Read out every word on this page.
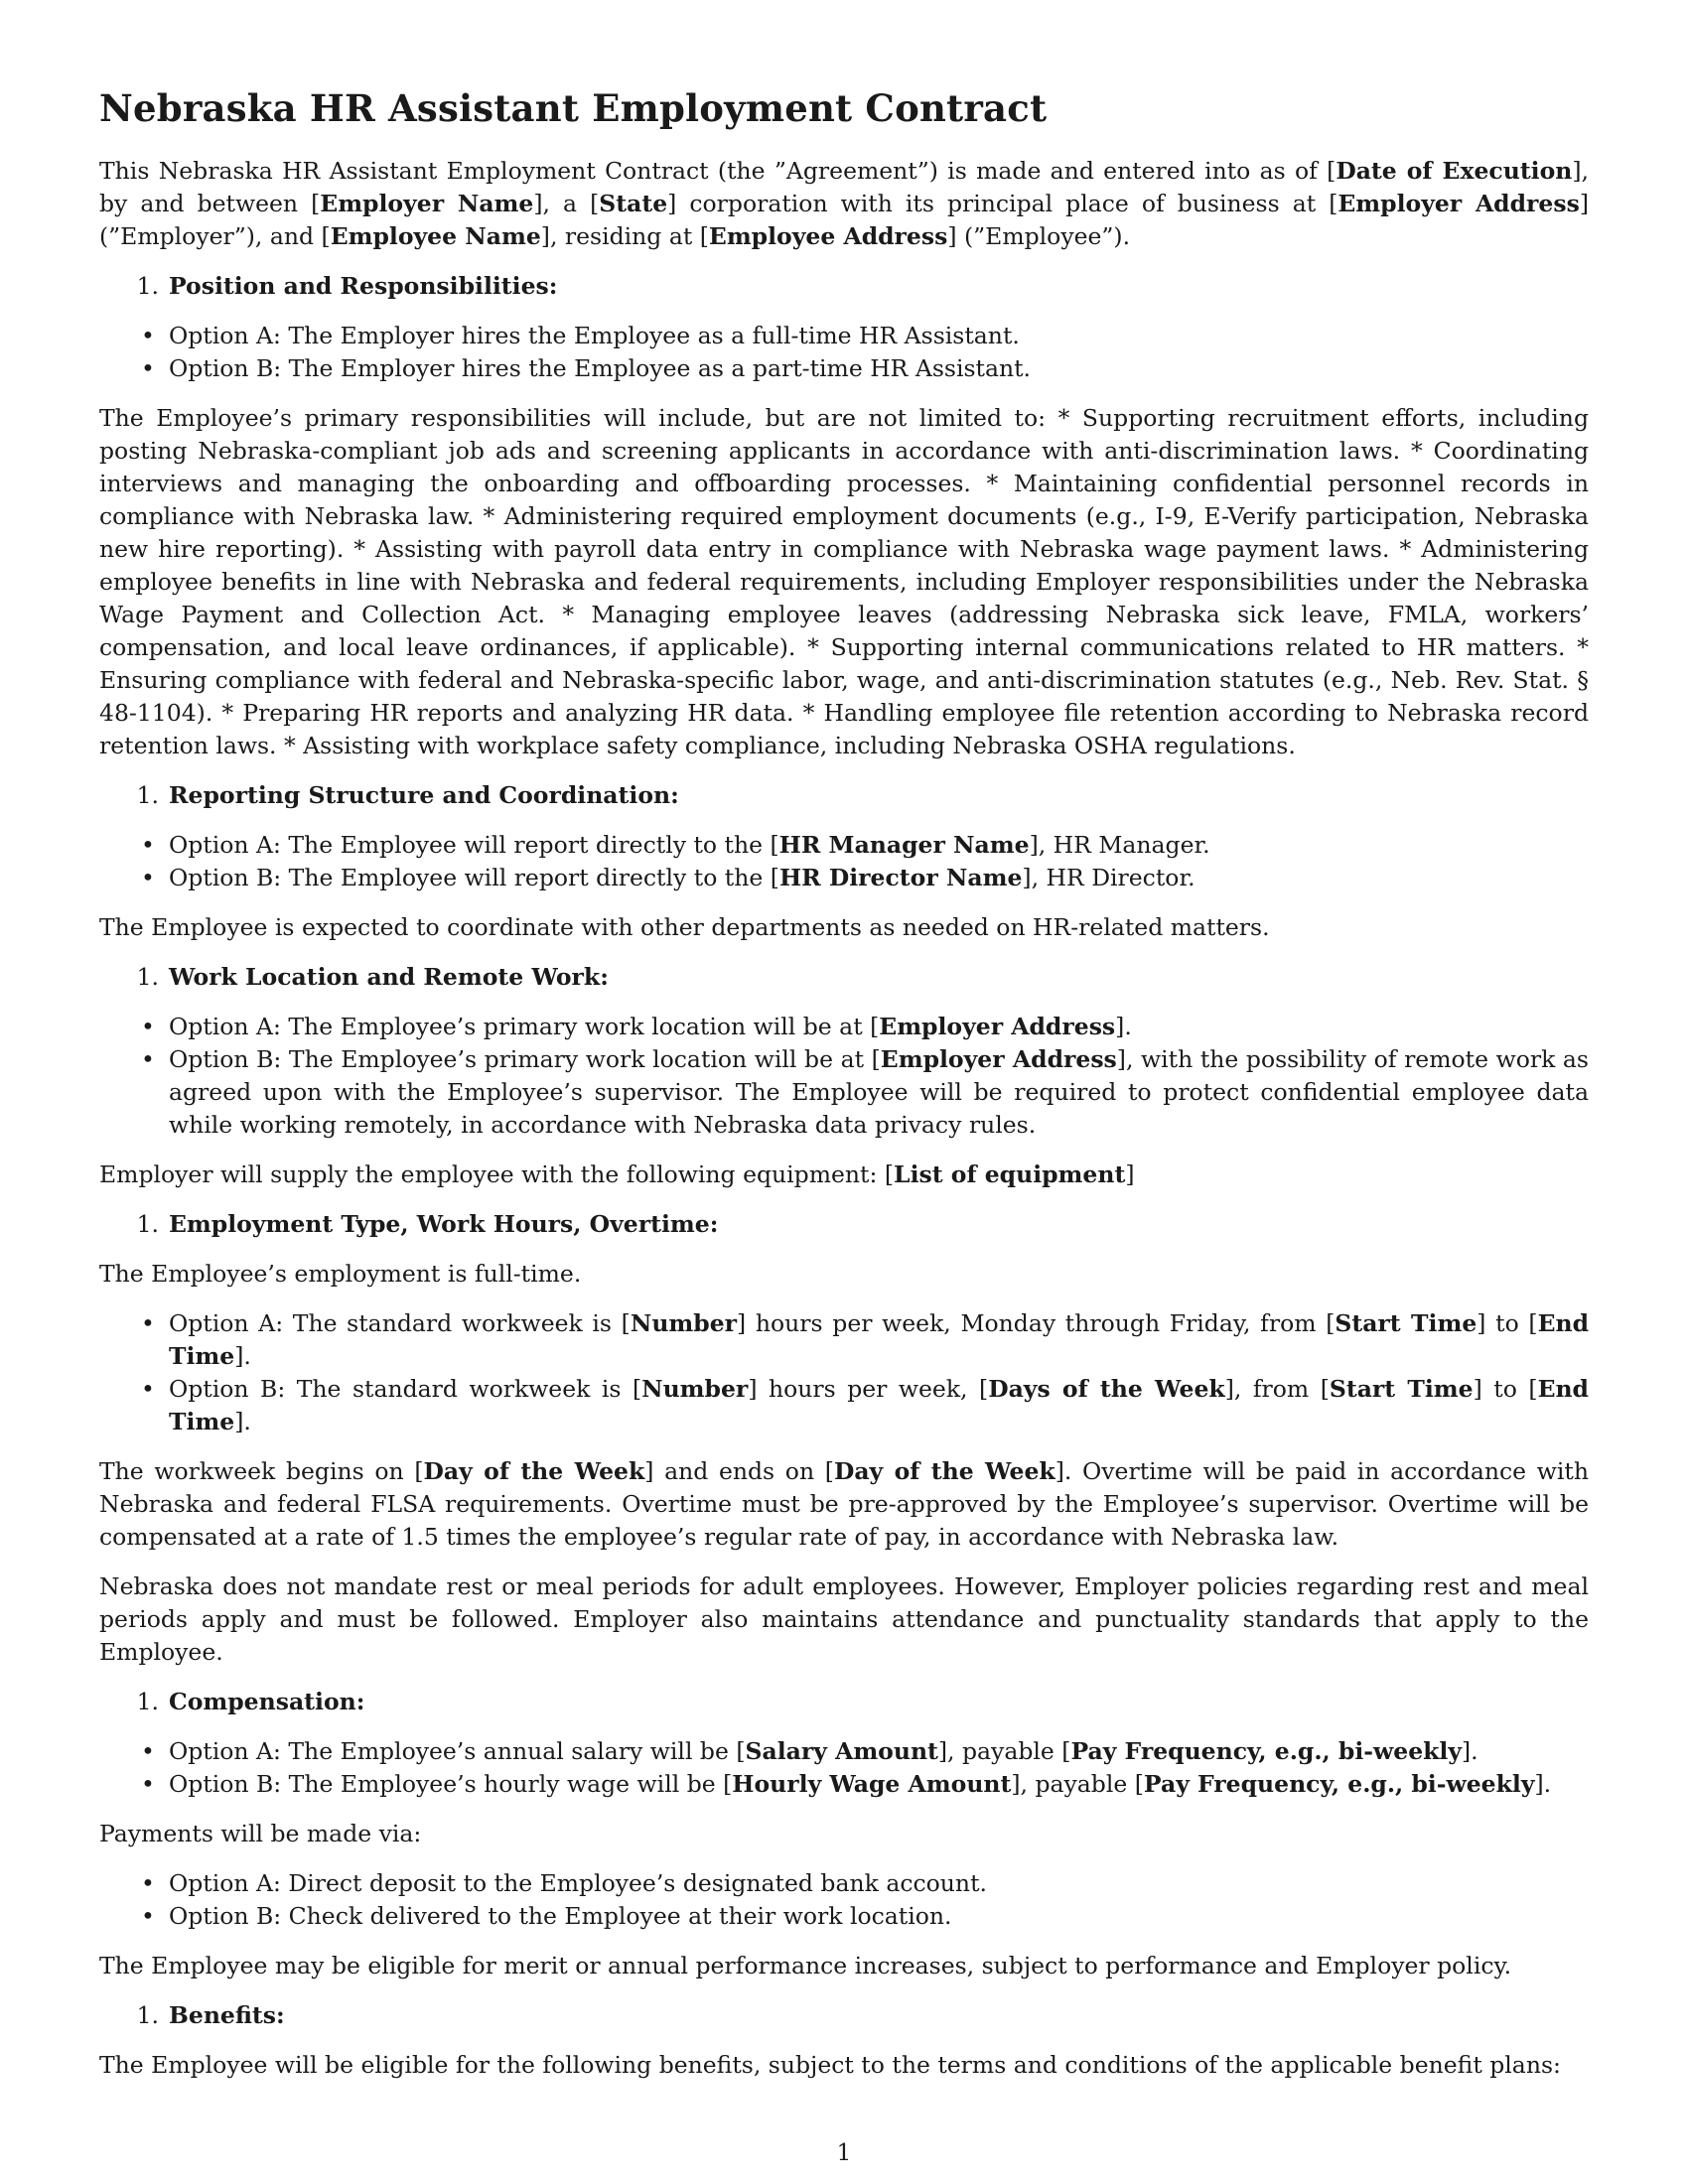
Nebraska HR Assistant Employment Contract

This Nebraska HR Assistant Employment Contract (the ”Agreement”) is made and entered into as of [Date of Execution], by and between [Employer Name], a [State] corporation with its principal place of business at [Employer Address] (”Employer”), and [Employee Name], residing at [Employee Address] (”Employee”).

1. Position and Responsibilities:
• Option A: The Employer hires the Employee as a full-time HR Assistant.
• Option B: The Employer hires the Employee as a part-time HR Assistant.

The Employee’s primary responsibilities will include, but are not limited to: * Supporting recruitment efforts, including posting Nebraska-compliant job ads and screening applicants in accordance with anti-discrimination laws. * Coordinating interviews and managing the onboarding and offboarding processes. * Maintaining confidential personnel records in compliance with Nebraska law. * Administering required employment documents (e.g., I-9, E-Verify participation, Nebraska new hire reporting). * Assisting with payroll data entry in compliance with Nebraska wage payment laws. * Administering employee benefits in line with Nebraska and federal requirements, including Employer responsibilities under the Nebraska Wage Payment and Collection Act. * Managing employee leaves (addressing Nebraska sick leave, FMLA, workers’ compensation, and local leave ordinances, if applicable). * Supporting internal communications related to HR matters. * Ensuring compliance with federal and Nebraska-specific labor, wage, and anti-discrimination statutes (e.g., Neb. Rev. Stat. § 48-1104). * Preparing HR reports and analyzing HR data. * Handling employee file retention according to Nebraska record retention laws. * Assisting with workplace safety compliance, including Nebraska OSHA regulations.

1. Reporting Structure and Coordination:
• Option A: The Employee will report directly to the [HR Manager Name], HR Manager.
• Option B: The Employee will report directly to the [HR Director Name], HR Director.

The Employee is expected to coordinate with other departments as needed on HR-related matters.

1. Work Location and Remote Work:
• Option A: The Employee’s primary work location will be at [Employer Address].
• Option B: The Employee’s primary work location will be at [Employer Address], with the possibility of remote work as agreed upon with the Employee’s supervisor. The Employee will be required to protect confidential employee data while working remotely, in accordance with Nebraska data privacy rules.

Employer will supply the employee with the following equipment: [List of equipment]

1. Employment Type, Work Hours, Overtime:

The Employee’s employment is full-time.

• Option A: The standard workweek is [Number] hours per week, Monday through Friday, from [Start Time] to [End Time].
• Option B: The standard workweek is [Number] hours per week, [Days of the Week], from [Start Time] to [End Time].

The workweek begins on [Day of the Week] and ends on [Day of the Week]. Overtime will be paid in accordance with Nebraska and federal FLSA requirements. Overtime must be pre-approved by the Employee’s supervisor. Overtime will be compensated at a rate of 1.5 times the employee’s regular rate of pay, in accordance with Nebraska law.

Nebraska does not mandate rest or meal periods for adult employees. However, Employer policies regarding rest and meal periods apply and must be followed. Employer also maintains attendance and punctuality standards that apply to the Employee.

1. Compensation:
• Option A: The Employee’s annual salary will be [Salary Amount], payable [Pay Frequency, e.g., bi-weekly].
• Option B: The Employee’s hourly wage will be [Hourly Wage Amount], payable [Pay Frequency, e.g., bi-weekly].

Payments will be made via:

• Option A: Direct deposit to the Employee’s designated bank account.
• Option B: Check delivered to the Employee at their work location.

The Employee may be eligible for merit or annual performance increases, subject to performance and Employer policy.

1. Benefits:

The Employee will be eligible for the following benefits, subject to the terms and conditions of the applicable benefit plans:

1
